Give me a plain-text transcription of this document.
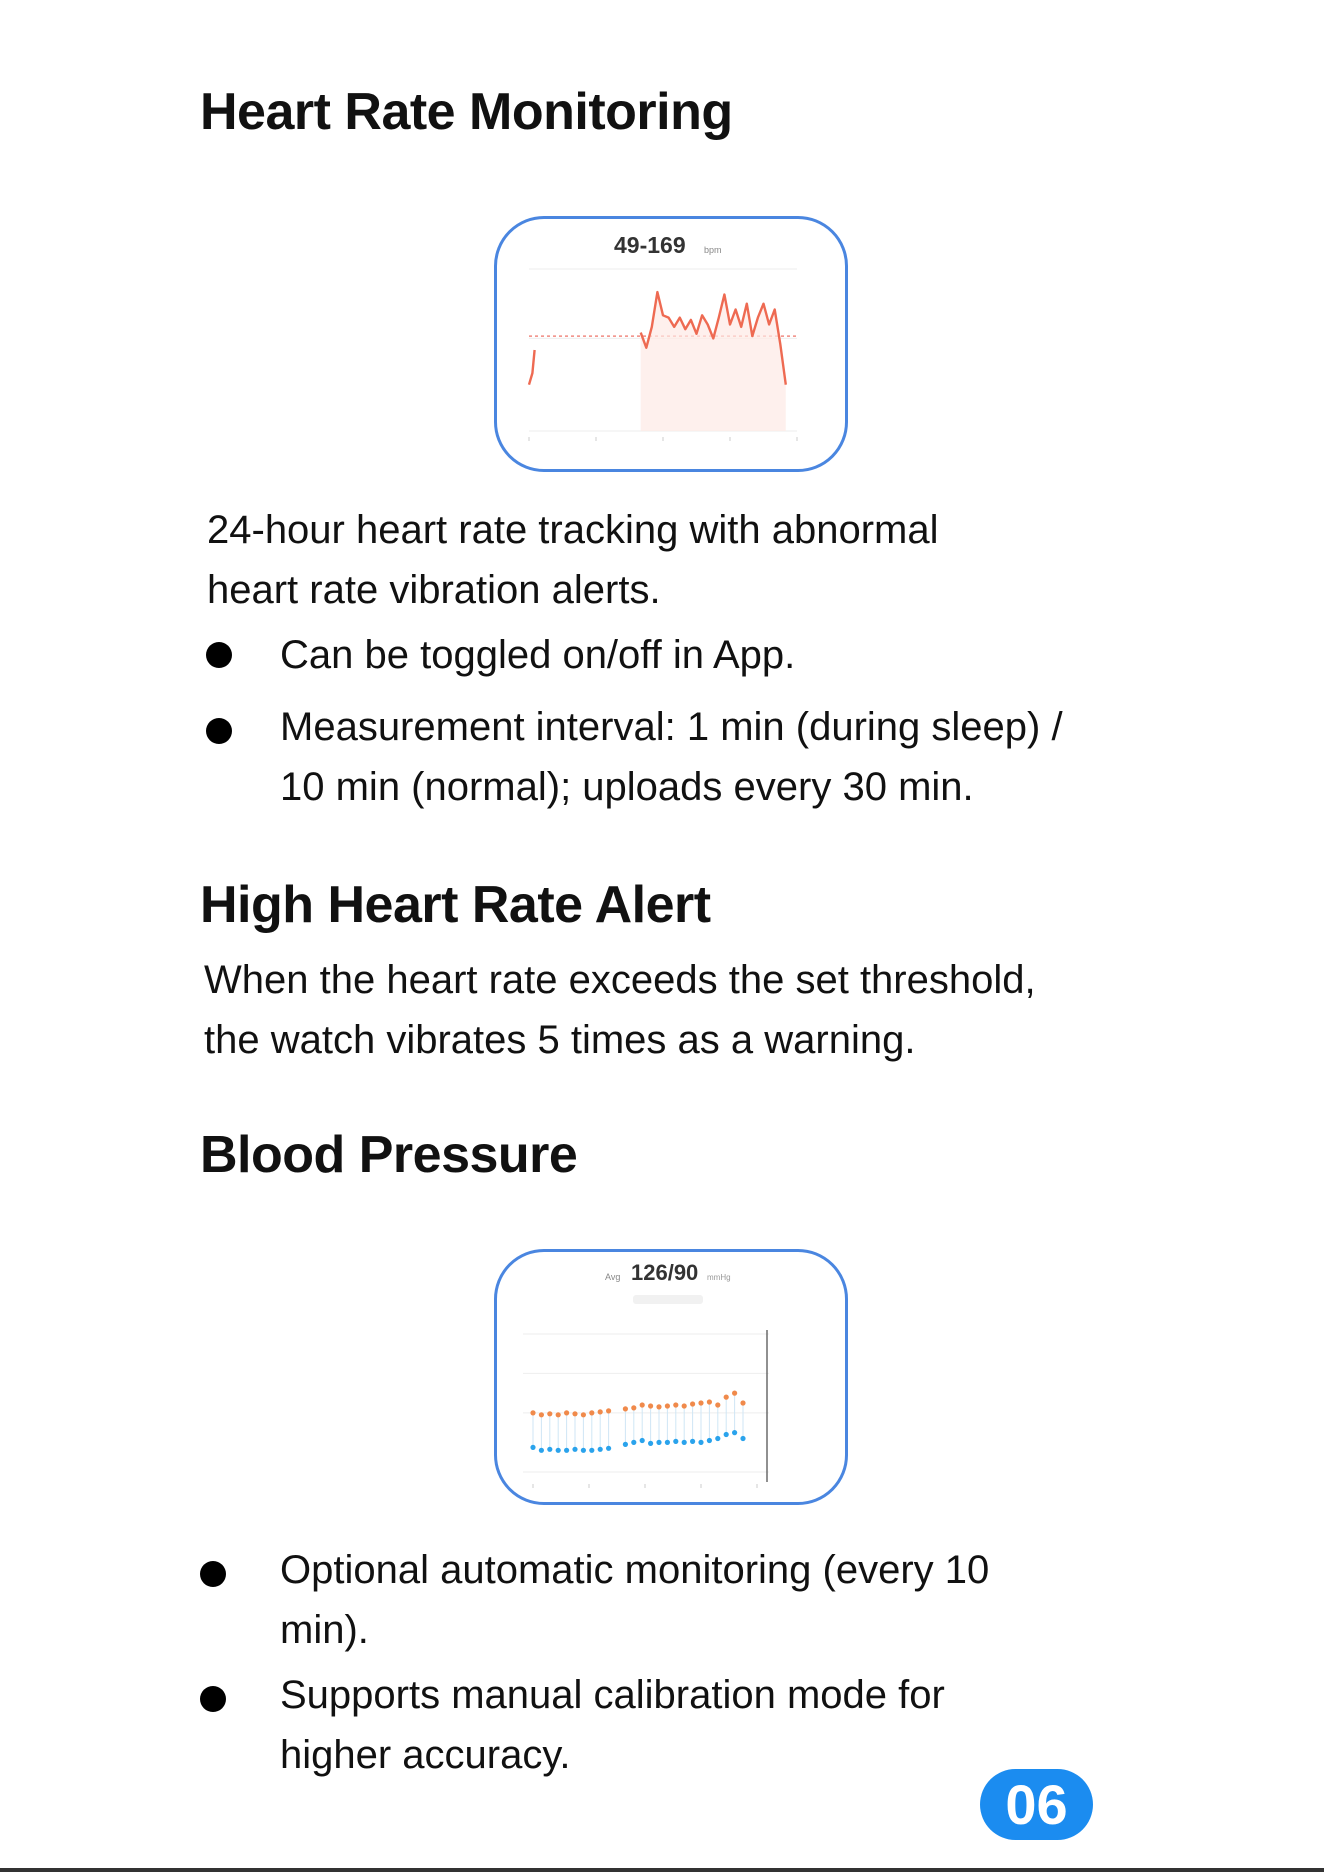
Heart Rate Monitoring
49-169 bpm

24-hour heart rate tracking with abnormal

heart rate vibration alerts.

Can be toggled on/off in App.
Measurement interval: 1 min (during sleep) /
10 min (normal); uploads every 30 min.
High Heart Rate Alert

When the heart rate exceeds the set threshold,

the watch vibrates 5 times as a warning.

Blood Pressure
Avg 126/90 mmHg
Optional automatic monitoring (every 10
min).
Supports manual calibration mode for
higher accuracy.
06
